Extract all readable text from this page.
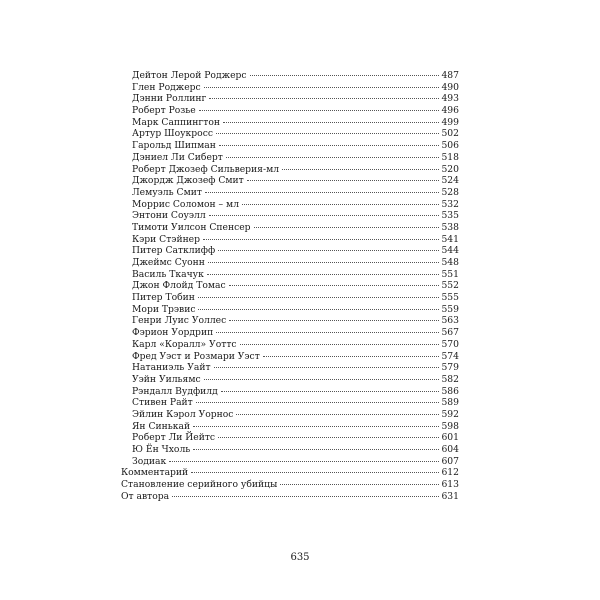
Дейтон Лерой Роджерс	487
Глен Роджерс	490
Дэнни Роллинг	493
Роберт Розье	496
Марк Саппингтон	499
Артур Шоукросс	502
Гарольд Шипман	506
Дэниел Ли Сиберт	518
Роберт Джозеф Сильверия-мл	520
Джордж Джозеф Смит	524
Лемуэль Смит	528
Моррис Соломон – мл	532
Энтони Соуэлл	535
Тимоти Уилсон Спенсер	538
Кэри Стэйнер	541
Питер Сатклифф	544
Джеймс Суонн	548
Василь Ткачук	551
Джон Флойд Томас	552
Питер Тобин	555
Мори Трэвис	559
Генри Луис Уоллес	563
Фэрион Уордрип	567
Карл «Коралл» Уоттс	570
Фред Уэст и Розмари Уэст	574
Натаниэль Уайт	579
Уэйн Уильямс	582
Рэндалл Вудфилд	586
Стивен Райт	589
Эйлин Кэрол Уорнос	592
Ян Синькай	598
Роберт Ли Йейтс	601
Ю Ён Чхоль	604
Зодиак	607
Комментарий	612
Становление серийного убийцы	613
От автора	631
635
